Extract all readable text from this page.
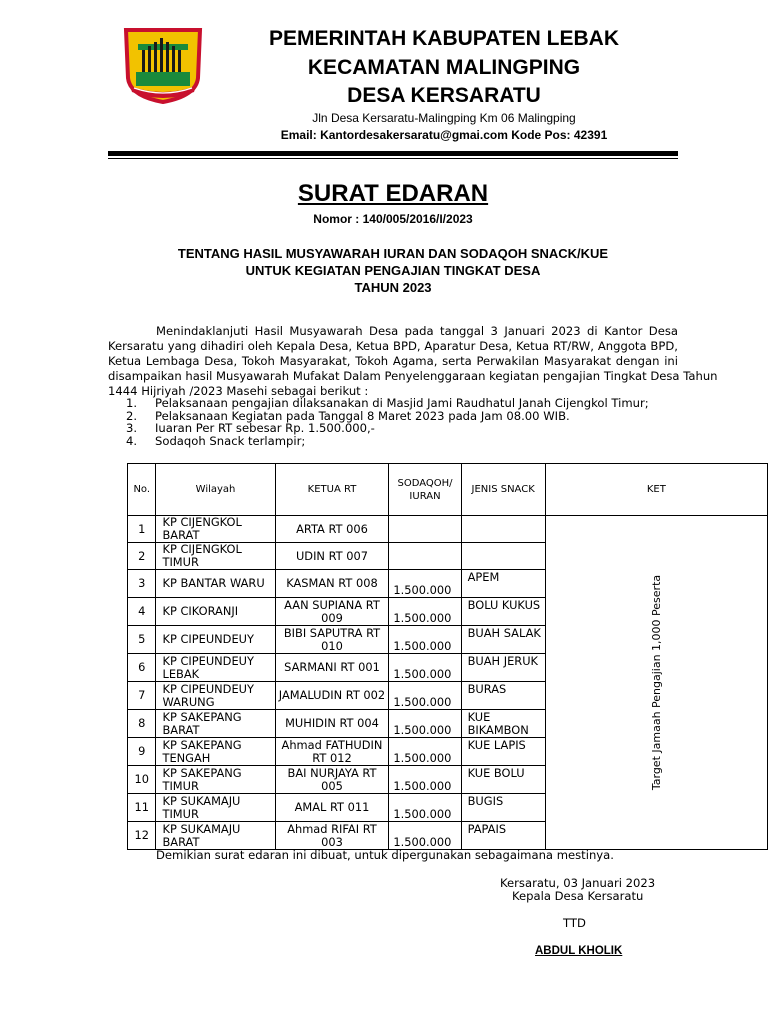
PEMERINTAH KABUPATEN LEBAK
KECAMATAN MALINGPING
DESA KERSARATU
Jln Desa Kersaratu-Malingping Km 06 Malingping
Email: Kantordesakersaratu@gmai.com Kode Pos: 42391
SURAT EDARAN
Nomor : 140/005/2016/I/2023
TENTANG HASIL MUSYAWARAH IURAN DAN SODAQOH SNACK/KUE
UNTUK KEGIATAN PENGAJIAN TINGKAT DESA
TAHUN 2023
Menindaklanjuti Hasil Musyawarah Desa pada tanggal 3 Januari 2023 di Kantor Desa
Kersaratu yang dihadiri oleh Kepala Desa, Ketua BPD, Aparatur Desa, Ketua RT/RW, Anggota BPD,
Ketua Lembaga Desa, Tokoh Masyarakat, Tokoh Agama, serta Perwakilan Masyarakat dengan ini
disampaikan hasil Musyawarah Mufakat Dalam Penyelenggaraan kegiatan pengajian Tingkat Desa Tahun
1444 Hijriyah /2023 Masehi sebagai berikut :
1. Pelaksanaan pengajian dilaksanakan di Masjid Jami Raudhatul Janah Cijengkol Timur;
2. Pelaksanaan Kegiatan pada Tanggal 8 Maret 2023 pada Jam 08.00 WIB.
3. Iuaran Per RT sebesar Rp. 1.500.000,-
4. Sodaqoh Snack terlampir;
No.	Wilayah	KETUA RT	SODAQOH/ IURAN	JENIS SNACK	KET
1	KP CIJENGKOL BARAT	ARTA RT 006			Target Jamaah Pengajian 1,000 Peserta
2	KP CIJENGKOL TIMUR	UDIN RT 007			
3	KP BANTAR WARU	KASMAN RT 008	1.500.000	APEM	
4	KP CIKORANJI	AAN SUPIANA RT 009	1.500.000	BOLU KUKUS	
5	KP CIPEUNDEUY	BIBI SAPUTRA RT 010	1.500.000	BUAH SALAK	
6	KP CIPEUNDEUY LEBAK	SARMANI RT 001	1.500.000	BUAH JERUK	
7	KP CIPEUNDEUY WARUNG	JAMALUDIN RT 002	1.500.000	BURAS	
8	KP SAKEPANG BARAT	MUHIDIN RT 004	1.500.000	KUE BIKAMBON	
9	KP SAKEPANG TENGAH	Ahmad FATHUDIN RT 012	1.500.000	KUE LAPIS	
10	KP SAKEPANG TIMUR	BAI NURJAYA RT 005	1.500.000	KUE BOLU	
11	KP SUKAMAJU TIMUR	AMAL RT 011	1.500.000	BUGIS	
12	KP SUKAMAJU BARAT	Ahmad RIFAI RT 003	1.500.000	PAPAIS	
Demikian surat edaran ini dibuat, untuk dipergunakan sebagaimana mestinya.
Kersaratu, 03 Januari 2023
Kepala Desa Kersaratu
TTD
ABDUL KHOLIK
